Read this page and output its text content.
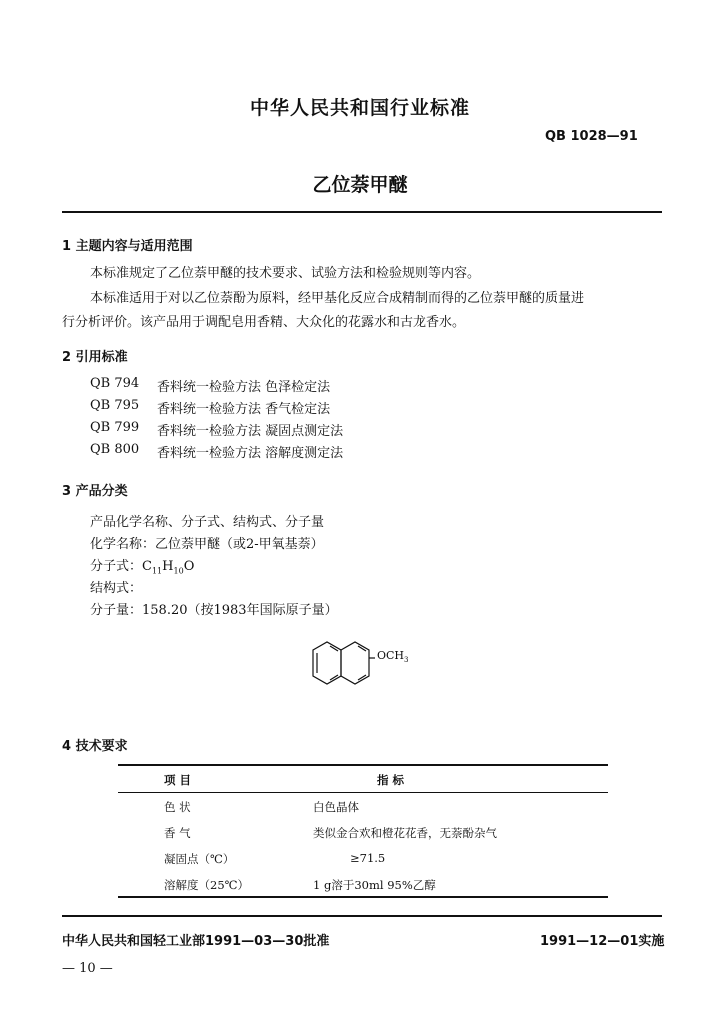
中华人民共和国行业标准
QB 1028—91
乙位萘甲醚
1 主题内容与适用范围
本标准规定了乙位萘甲醚的技术要求、试验方法和检验规则等内容。
本标准适用于对以乙位萘酚为原料，经甲基化反应合成精制而得的乙位萘甲醚的质量进
行分析评价。该产品用于调配皂用香精、大众化的花露水和古龙香水。
2 引用标准
QB 794 香料统一检验方法 色泽检定法
QB 795 香料统一检验方法 香气检定法
QB 799 香料统一检验方法 凝固点测定法
QB 800 香料统一检验方法 溶解度测定法
3 产品分类
产品化学名称、分子式、结构式、分子量
化学名称：乙位萘甲醚（或2-甲氧基萘）
分子式：$C_{11}H_{10}O$
结构式：
分子量：158.20（按1983年国际原子量）
$OCH_3$
4 技术要求
项 目	指 标
色 状	白色晶体
香 气	类似金合欢和橙花花香，无萘酚杂气
凝固点（℃）	≥71.5
溶解度（25℃）	1 g溶于30ml 95%乙醇
中华人民共和国轻工业部1991—03—30批准	1991—12—01实施
— 10 —
